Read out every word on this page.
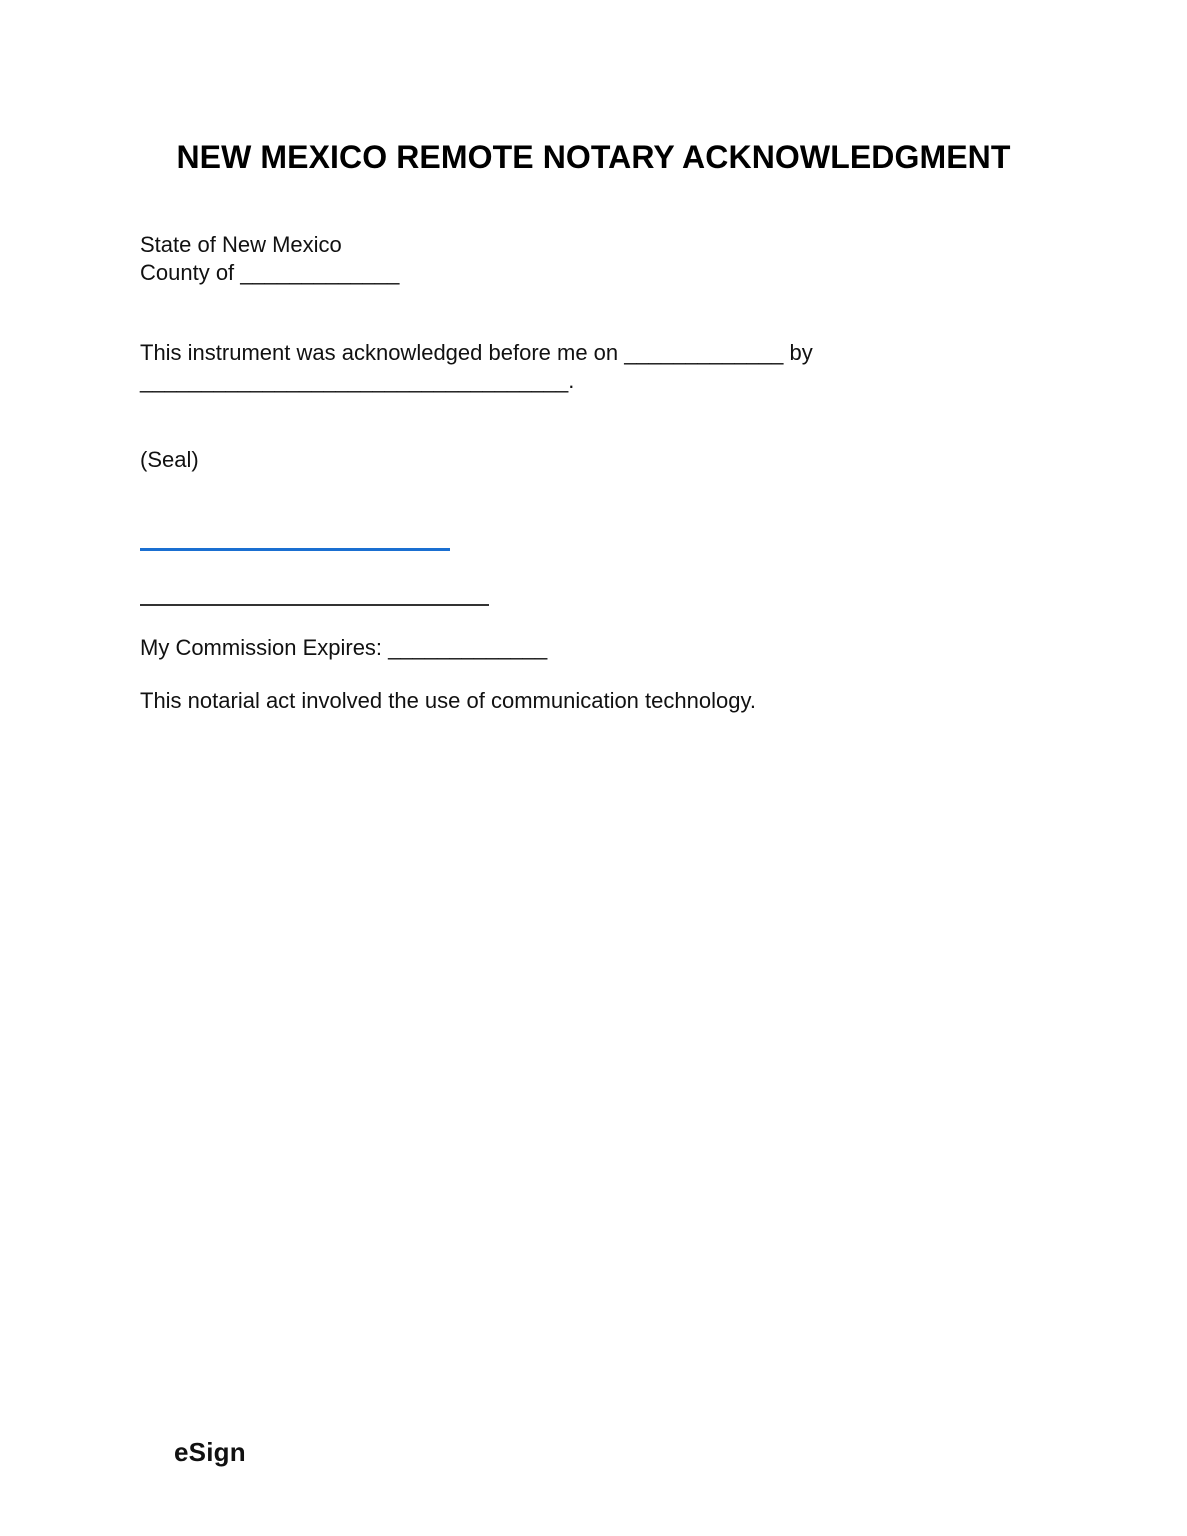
NEW MEXICO REMOTE NOTARY ACKNOWLEDGMENT
State of New Mexico
County of _____________
This instrument was acknowledged before me on _____________ by
___________________________________.
(Seal)
My Commission Expires: _____________
This notarial act involved the use of communication technology.
eSign
